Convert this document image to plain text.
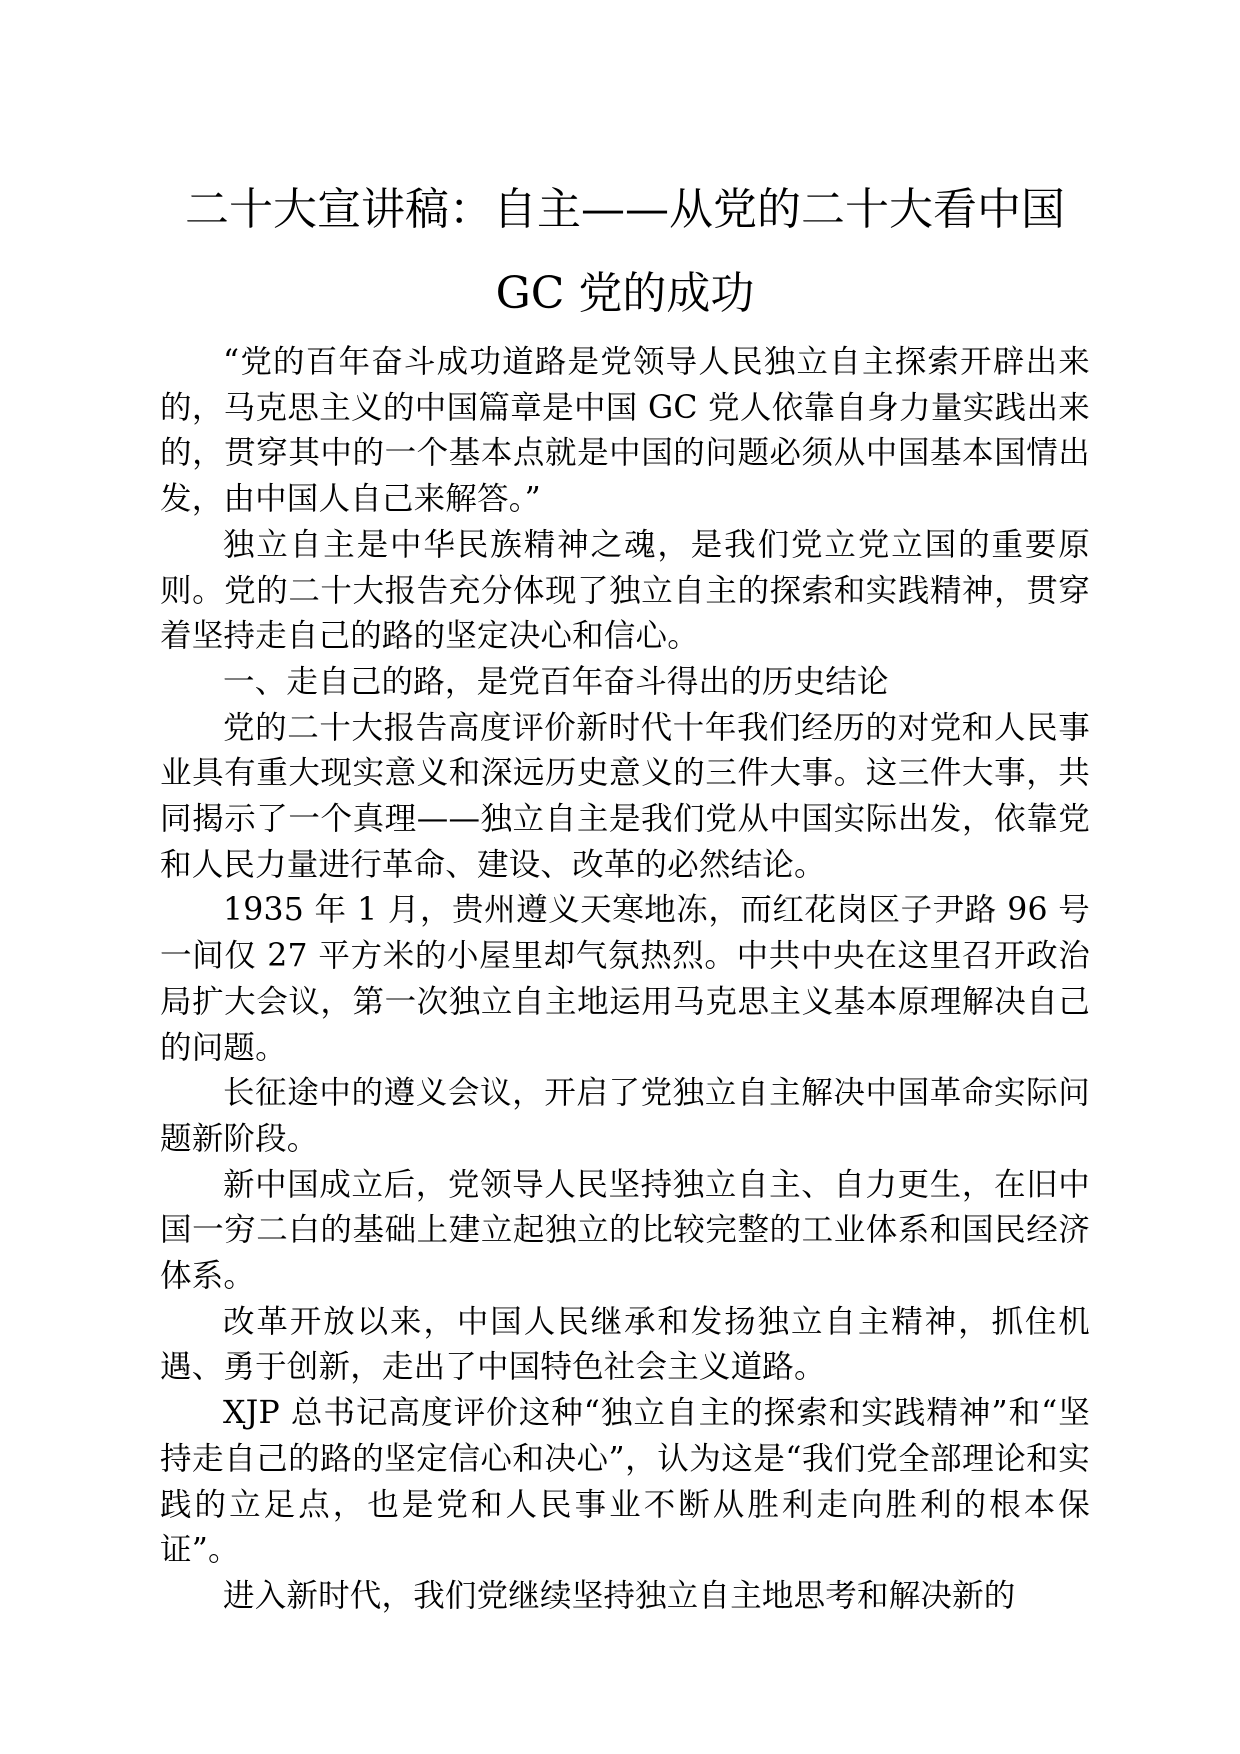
二十大宣讲稿：自主——从党的二十大看中国
GC 党的成功

“党的百年奋斗成功道路是党领导人民独立自主探索开辟出来的，马克思主义的中国篇章是中国 GC 党人依靠自身力量实践出来的，贯穿其中的一个基本点就是中国的问题必须从中国基本国情出发，由中国人自己来解答。”

独立自主是中华民族精神之魂，是我们党立党立国的重要原则。党的二十大报告充分体现了独立自主的探索和实践精神，贯穿着坚持走自己的路的坚定决心和信心。

一、走自己的路，是党百年奋斗得出的历史结论

党的二十大报告高度评价新时代十年我们经历的对党和人民事业具有重大现实意义和深远历史意义的三件大事。这三件大事，共同揭示了一个真理——独立自主是我们党从中国实际出发，依靠党和人民力量进行革命、建设、改革的必然结论。

1935 年 1 月，贵州遵义天寒地冻，而红花岗区子尹路 96 号一间仅 27 平方米的小屋里却气氛热烈。中共中央在这里召开政治局扩大会议，第一次独立自主地运用马克思主义基本原理解决自己的问题。

长征途中的遵义会议，开启了党独立自主解决中国革命实际问题新阶段。

新中国成立后，党领导人民坚持独立自主、自力更生，在旧中国一穷二白的基础上建立起独立的比较完整的工业体系和国民经济体系。

改革开放以来，中国人民继承和发扬独立自主精神，抓住机遇、勇于创新，走出了中国特色社会主义道路。

XJP 总书记高度评价这种“独立自主的探索和实践精神”和“坚持走自己的路的坚定信心和决心”，认为这是“我们党全部理论和实践的立足点，也是党和人民事业不断从胜利走向胜利的根本保证”。

进入新时代，我们党继续坚持独立自主地思考和解决新的
